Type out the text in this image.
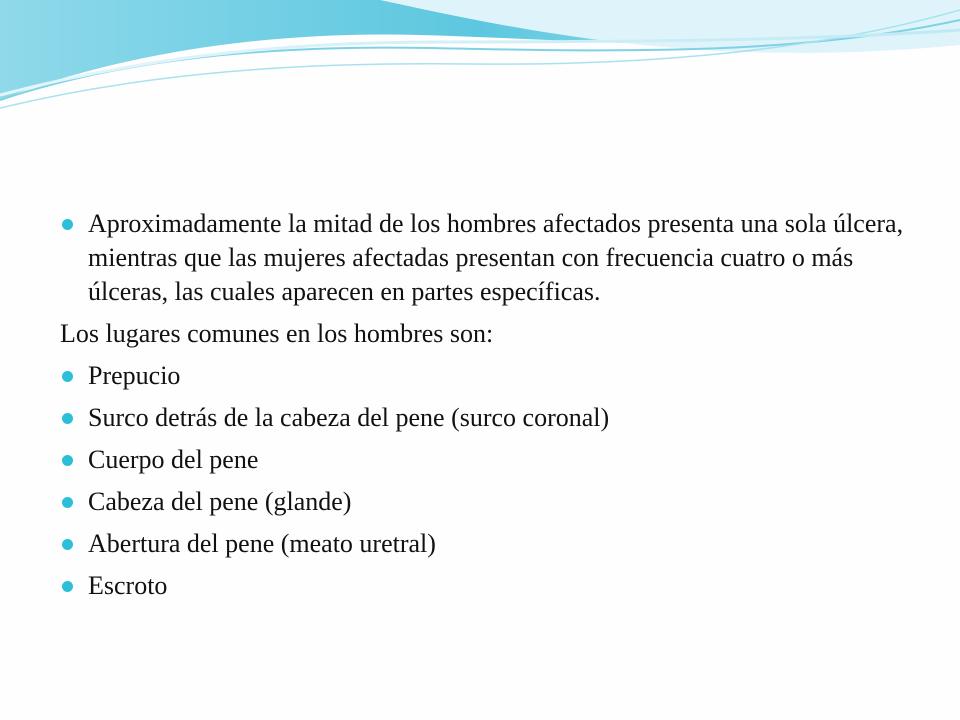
Aproximadamente la mitad de los hombres afectados presenta una sola úlcera, mientras que las mujeres afectadas presentan con frecuencia cuatro o más úlceras, las cuales aparecen en partes específicas.
Los lugares comunes en los hombres son:
Prepucio
Surco detrás de la cabeza del pene (surco coronal)
Cuerpo del pene
Cabeza del pene (glande)
Abertura del pene (meato uretral)
Escroto
